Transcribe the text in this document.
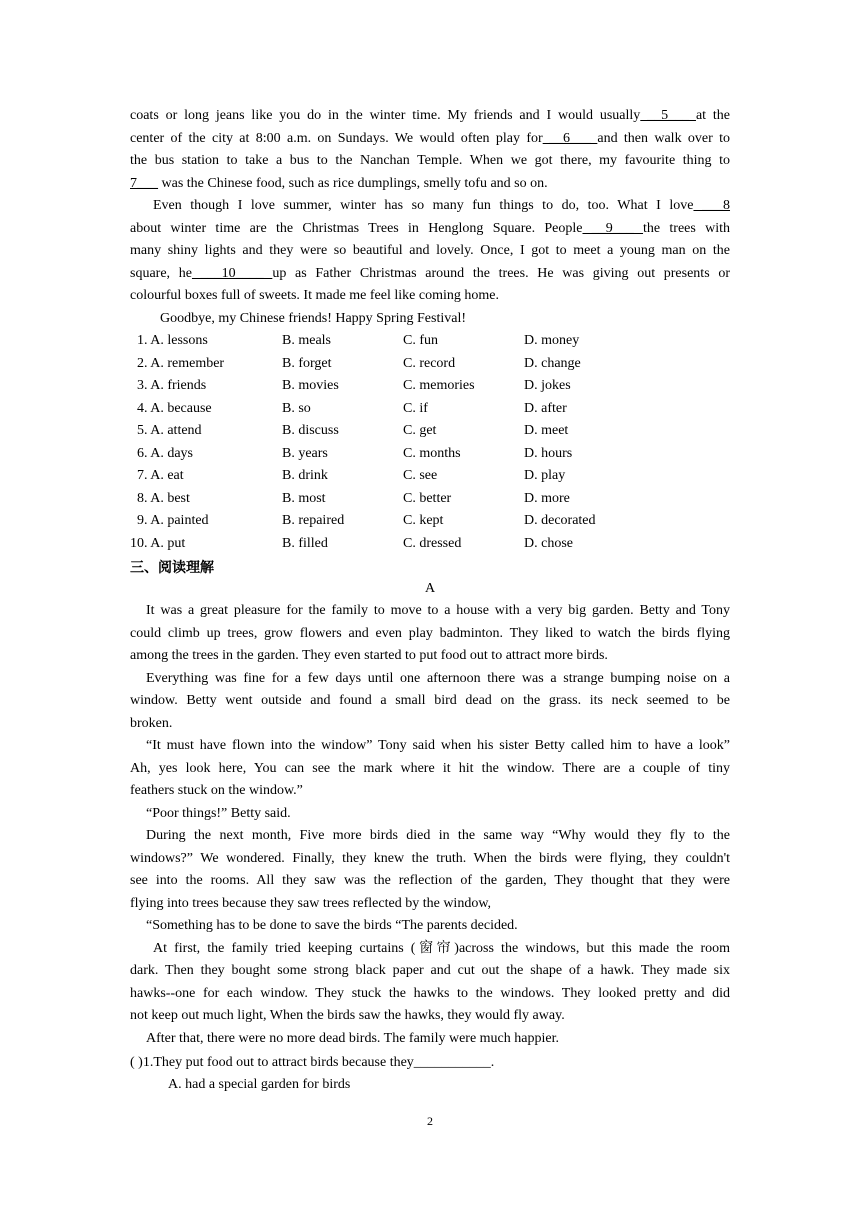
coats or long jeans like you do in the winter time. My friends and I would usually __5___ at the
center of the city at 8:00 a.m. on Sundays. We would often play for __6___ and then walk over to
the bus station to take a bus to the Nanchan Temple. When we got there, my favourite thing to
7___ was the Chinese food, such as rice dumplings, smelly tofu and so on.
Even though I love summer, winter has so many fun things to do, too. What I love ___8
about winter time are the Christmas Trees in Henglong Square. People __9___ the trees with
many shiny lights and they were so beautiful and lovely. Once, I got to meet a young man on the
square, he ___10____ up as Father Christmas around the trees. He was giving out presents or
colourful boxes full of sweets. It made me feel like coming home.
Goodbye, my Chinese friends! Happy Spring Festival!
1. A. lessons	B. meals	C. fun	D. money
2. A. remember	B. forget	C. record	D. change
3. A. friends	B. movies	C. memories	D. jokes
4. A. because	B. so	C. if	D. after
5. A. attend	B. discuss	C. get	D. meet
6. A. days	B. years	C. months	D. hours
7. A. eat	B. drink	C. see	D. play
8. A. best	B. most	C. better	D. more
9. A. painted	B. repaired	C. kept	D. decorated
10. A. put	B. filled	C. dressed	D. chose
三、阅读理解
A
It was a great pleasure for the family to move to a house with a very big garden. Betty and Tony
could climb up trees, grow flowers and even play badminton. They liked to watch the birds flying
among the trees in the garden. They even started to put food out to attract more birds.
Everything was fine for a few days until one afternoon there was a strange bumping noise on a
window. Betty went outside and found a small bird dead on the grass. its neck seemed to be
broken.
“It must have flown into the window” Tony said when his sister Betty called him to have a look”
Ah, yes look here, You can see the mark where it hit the window. There are a couple of tiny
feathers stuck on the window.”
“Poor things!” Betty said.
During the next month, Five more birds died in the same way “Why would they fly to the
windows?” We wondered. Finally, they knew the truth. When the birds were flying, they couldn't
see into the rooms. All they saw was the reflection of the garden, They thought that they were
flying into trees because they saw trees reflected by the window,
“Something has to be done to save the birds “The parents decided.
At first, the family tried keeping curtains (窗帘)across the windows, but this made the room
dark. Then they bought some strong black paper and cut out the shape of a hawk. They made six
hawks--one for each window. They stuck the hawks to the windows. They looked pretty and did
not keep out much light, When the birds saw the hawks, they would fly away.
After that, there were no more dead birds. The family were much happier.
( )1.They put food out to attract birds because they___________.
A. had a special garden for birds
2
